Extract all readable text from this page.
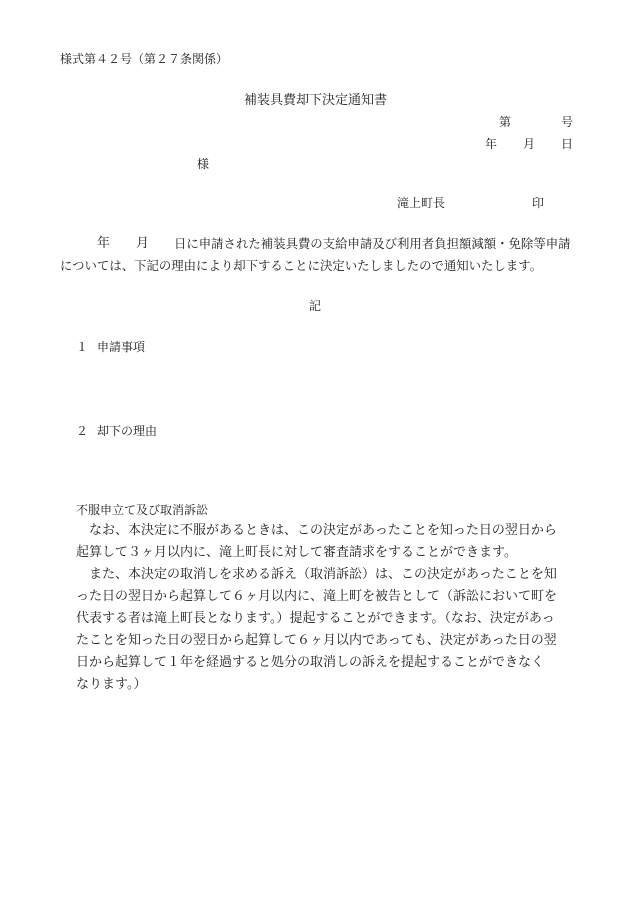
様式第４２号（第２７条関係）
補装具費却下決定通知書
第	号
年 月 日
様
滝上町長	印
年 月 日に申請された補装具費の支給申請及び利用者負担額減額・免除等申請
については、下記の理由により却下することに決定いたしましたので通知いたします。
記
１ 申請事項
２ 却下の理由
不服申立て及び取消訴訟
　なお、本決定に不服があるときは、この決定があったことを知った日の翌日から
起算して３ヶ月以内に、滝上町長に対して審査請求をすることができます。
　また、本決定の取消しを求める訴え（取消訴訟）は、この決定があったことを知
った日の翌日から起算して６ヶ月以内に、滝上町を被告として（訴訟において町を
代表する者は滝上町長となります。）提起することができます。（なお、決定があっ
たことを知った日の翌日から起算して６ヶ月以内であっても、決定があった日の翌
日から起算して１年を経過すると処分の取消しの訴えを提起することができなく
なります。）
